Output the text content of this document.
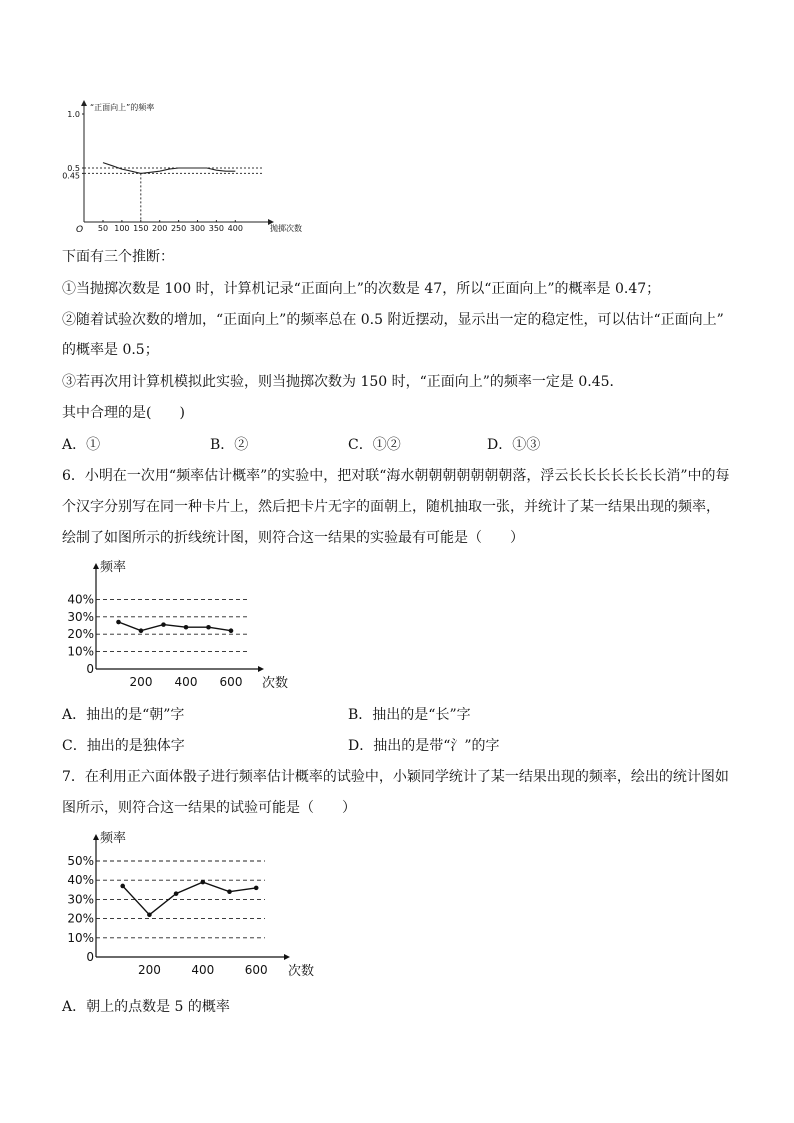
“正面向上”的频率
抛掷次数
O
1.0
0.5
0.45
50 100 150 200 250 300 350 400
下面有三个推断：
①当抛掷次数是 100 时，计算机记录“正面向上”的次数是 47，所以“正面向上”的概率是 0.47；
②随着试验次数的增加，“正面向上”的频率总在 0.5 附近摆动，显示出一定的稳定性，可以估计“正面向上”
的概率是 0.5；
③若再次用计算机模拟此实验，则当抛掷次数为 150 时，“正面向上”的频率一定是 0.45．
其中合理的是(　　)
A．①	B．②	C．①②	D．①③
6．小明在一次用“频率估计概率”的实验中，把对联“海水朝朝朝朝朝朝朝落，浮云长长长长长长长消”中的每
个汉字分别写在同一种卡片上，然后把卡片无字的面朝上，随机抽取一张，并统计了某一结果出现的频率，
绘制了如图所示的折线统计图，则符合这一结果的实验最有可能是（　　）
频率
次数
40%
30%
20%
10%
0
200 400 600
A．抽出的是“朝”字	B．抽出的是“长”字
C．抽出的是独体字	D．抽出的是带“氵”的字
7．在利用正六面体骰子进行频率估计概率的试验中，小颖同学统计了某一结果出现的频率，绘出的统计图如
图所示，则符合这一结果的试验可能是（　　）
频率
次数
50%
40%
30%
20%
10%
0
200	400	600
A．朝上的点数是 5 的概率
